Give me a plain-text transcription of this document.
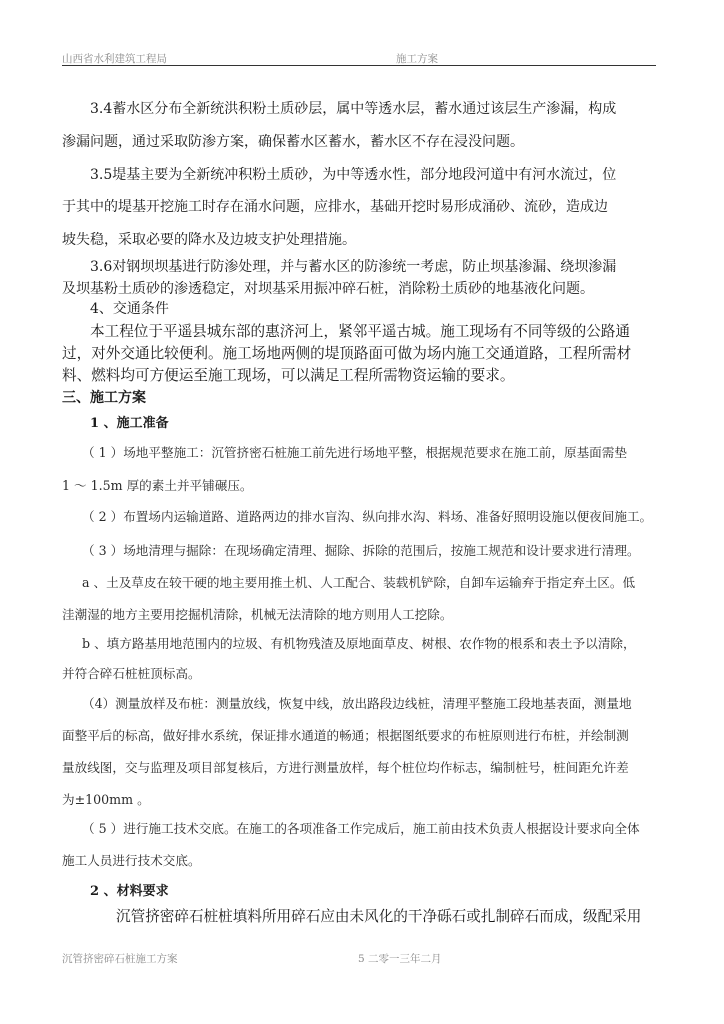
山西省水利建筑工程局	施工方案
3.4蓄水区分布全新统洪积粉土质砂层，属中等透水层，蓄水通过该层生产渗漏，构成
渗漏问题，通过采取防渗方案，确保蓄水区蓄水，蓄水区不存在浸没问题。
3.5堤基主要为全新统冲积粉土质砂，为中等透水性，部分地段河道中有河水流过，位
于其中的堤基开挖施工时存在涌水问题，应排水，基础开挖时易形成涌砂、流砂，造成边
坡失稳，采取必要的降水及边坡支护处理措施。
3.6对钢坝坝基进行防渗处理，并与蓄水区的防渗统一考虑，防止坝基渗漏、绕坝渗漏
及坝基粉土质砂的渗透稳定，对坝基采用振冲碎石桩，消除粉土质砂的地基液化问题。
4、交通条件
本工程位于平遥县城东部的惠济河上，紧邻平遥古城。施工现场有不同等级的公路通
过，对外交通比较便利。施工场地两侧的堤顶路面可做为场内施工交通道路，工程所需材
料、燃料均可方便运至施工现场，可以满足工程所需物资运输的要求。
三、施工方案
1 、施工准备
（ 1 ）场地平整施工：沉管挤密石桩施工前先进行场地平整，根据规范要求在施工前，原基面需垫
1 ～ 1.5m 厚的素土并平铺碾压。
（ 2 ）布置场内运输道路、道路两边的排水盲沟、纵向排水沟、料场、准备好照明设施以便夜间施工。
（ 3 ）场地清理与掘除：在现场确定清理、掘除、拆除的范围后，按施工规范和设计要求进行清理。
a 、土及草皮在较干硬的地主要用推土机、人工配合、装载机铲除，自卸车运输弃于指定弃土区。低
洼潮湿的地方主要用挖掘机清除，机械无法清除的地方则用人工挖除。
b 、填方路基用地范围内的垃圾、有机物残渣及原地面草皮、树根、农作物的根系和表土予以清除，
并符合碎石桩桩顶标高。
（4）测量放样及布桩：测量放线，恢复中线，放出路段边线桩，清理平整施工段地基表面，测量地
面整平后的标高，做好排水系统，保证排水通道的畅通；根据图纸要求的布桩原则进行布桩，并绘制测
量放线图，交与监理及项目部复核后，方进行测量放样，每个桩位均作标志，编制桩号，桩间距允许差
为±100mm 。
（ 5 ）进行施工技术交底。在施工的各项准备工作完成后，施工前由技术负责人根据设计要求向全体
施工人员进行技术交底。
2 、材料要求
沉管挤密碎石桩桩填料所用碎石应由未风化的干净砾石或扎制碎石而成，级配采用
沉管挤密碎石桩施工方案	5 二零一三年二月
